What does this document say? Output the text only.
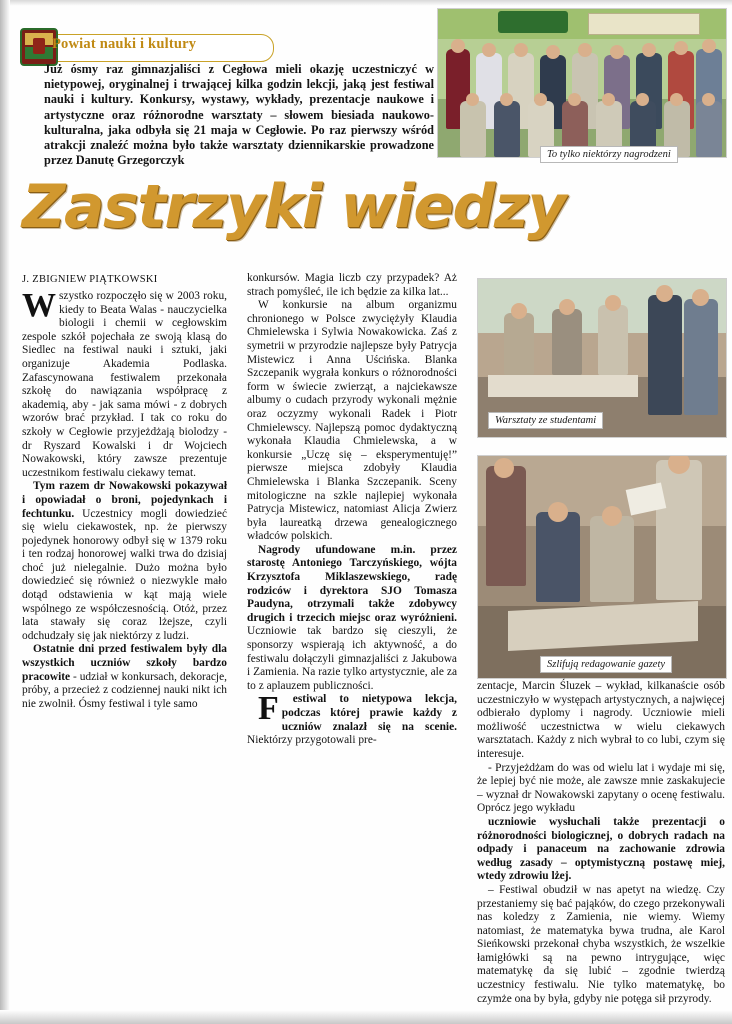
Powiat nauki i kultury
Już ósmy raz gimnazjaliści z Cegłowa mieli okazję uczestniczyć w nietypowej, oryginalnej i trwającej kilka godzin lekcji, jaką jest festiwal nauki i kultury. Konkursy, wystawy, wykłady, prezentacje naukowe i artystyczne oraz różnorodne warsztaty – słowem biesiada naukowo-kulturalna, jaka odbyła się 21 maja w Cegłowie. Po raz pierwszy wśród atrakcji znaleźć można było także warsztaty dziennikarskie prowadzone przez Danutę Grzegorczyk
Zastrzyki wiedzy
To tylko niektórzy nagrodzeni
Warsztaty ze studentami
Szlifują redagowanie gazety
J. ZBIGNIEW PIĄTKOWSKI

Wszystko rozpoczęło się w 2003 roku, kiedy to Beata Walas - nauczycielka biologii i chemii w cegłowskim zespole szkół pojechała ze swoją klasą do Siedlec na festiwal nauki i sztuki, jaki organizuje Akademia Podlaska. Zafascynowana festiwalem przekonała szkołę do nawiązania współpracę z akademią, aby - jak sama mówi - z dobrych wzorów brać przykład. I tak co roku do szkoły w Cegłowie przyjeżdżają biolodzy - dr Ryszard Kowalski i dr Wojciech Nowakowski, który zawsze prezentuje uczestnikom festiwalu ciekawy temat.

Tym razem dr Nowakowski pokazywał i opowiadał o broni, pojedynkach i fechtunku. Uczestnicy mogli dowiedzieć się wielu ciekawostek, np. że pierwszy pojedynek honorowy odbył się w 1379 roku i ten rodzaj honorowej walki trwa do dzisiaj choć już nielegalnie. Dużo można było dowiedzieć się również o niezwykle mało dotąd odstawienia w kąt mają wiele wspólnego ze współczesnością. Otóż, przez lata stawały się coraz lżejsze, czyli odchudzały się jak niektórzy z ludzi.

Ostatnie dni przed festiwalem były dla wszystkich uczniów szkoły bardzo pracowite - udział w konkursach, dekoracje, próby, a przecież z codziennej nauki nikt ich nie zwolnił. Ósmy festiwal i tyle samo

konkursów. Magia liczb czy przypadek? Aż strach pomyśleć, ile ich będzie za kilka lat...

W konkursie na album organizmu chronionego w Polsce zwyciężyły Klaudia Chmielewska i Sylwia Nowakowicka. Zaś z symetrii w przyrodzie najlepsze były Patrycja Mistewicz i Anna Uścińska. Blanka Szczepanik wygrała konkurs o różnorodności form w świecie zwierząt, a najciekawsze albumy o cudach przyrody wykonali mężnie oraz oczyzmy wykonali Radek i Piotr Chmielewscy. Najlepszą pomoc dydaktyczną wykonała Klaudia Chmielewska, a w konkursie „Uczę się – eksperymentuję!” pierwsze miejsca zdobyły Klaudia Chmielewska i Blanka Szczepanik. Sceny mitologiczne na szkle najlepiej wykonała Patrycja Mistewicz, natomiast Alicja Zwierz była laureatką drzewa genealogicznego władców polskich.

Nagrody ufundowane m.in. przez starostę Antoniego Tarczyńskiego, wójta Krzysztofa Miklaszewskiego, radę rodziców i dyrektora SJO Tomasza Paudyna, otrzymali także zdobywcy drugich i trzecich miejsc oraz wyróżnieni. Uczniowie tak bardzo się cieszyli, że sponsorzy wspierają ich aktywność, a do festiwalu dołączyli gimnazjaliści z Jakubowa i Zamienia. Na razie tylko artystycznie, ale za to z aplauzem publiczności.

F estiwal to nietypowa lekcja, podczas której prawie każdy z uczniów znalazł się na scenie. Niektórzy przygotowali pre-

zentacje, Marcin Śluzek – wykład, kilkanaście osób uczestniczyło w występach artystycznych, a najwięcej odbierało dyplomy i nagrody. Uczniowie mieli możliwość uczestnictwa w wielu ciekawych warsztatach. Każdy z nich wybrał to co lubi, czym się interesuje.

- Przyjeżdżam do was od wielu lat i wydaje mi się, że lepiej być nie może, ale zawsze mnie zaskakujecie – wyznał dr Nowakowski zapytany o ocenę festiwalu. Oprócz jego wykładu

uczniowie wysłuchali także prezentacji o różnorodności biologicznej, o dobrych radach na odpady i panaceum na zachowanie zdrowia według zasady – optymistyczną postawę miej, wtedy zdrowiu lżej.

– Festiwal obudził w nas apetyt na wiedzę. Czy przestaniemy się bać pająków, do czego przekonywali nas koledzy z Zamienia, nie wiemy. Wiemy natomiast, że matematyka bywa trudna, ale Karol Sieńkowski przekonał chyba wszystkich, że wszelkie łamigłówki są na pewno intrygujące, więc matematykę da się lubić – zgodnie twierdzą uczestnicy festiwalu. Nie tylko matematykę, bo czymże ona by była, gdyby nie potęga sił przyrody.
